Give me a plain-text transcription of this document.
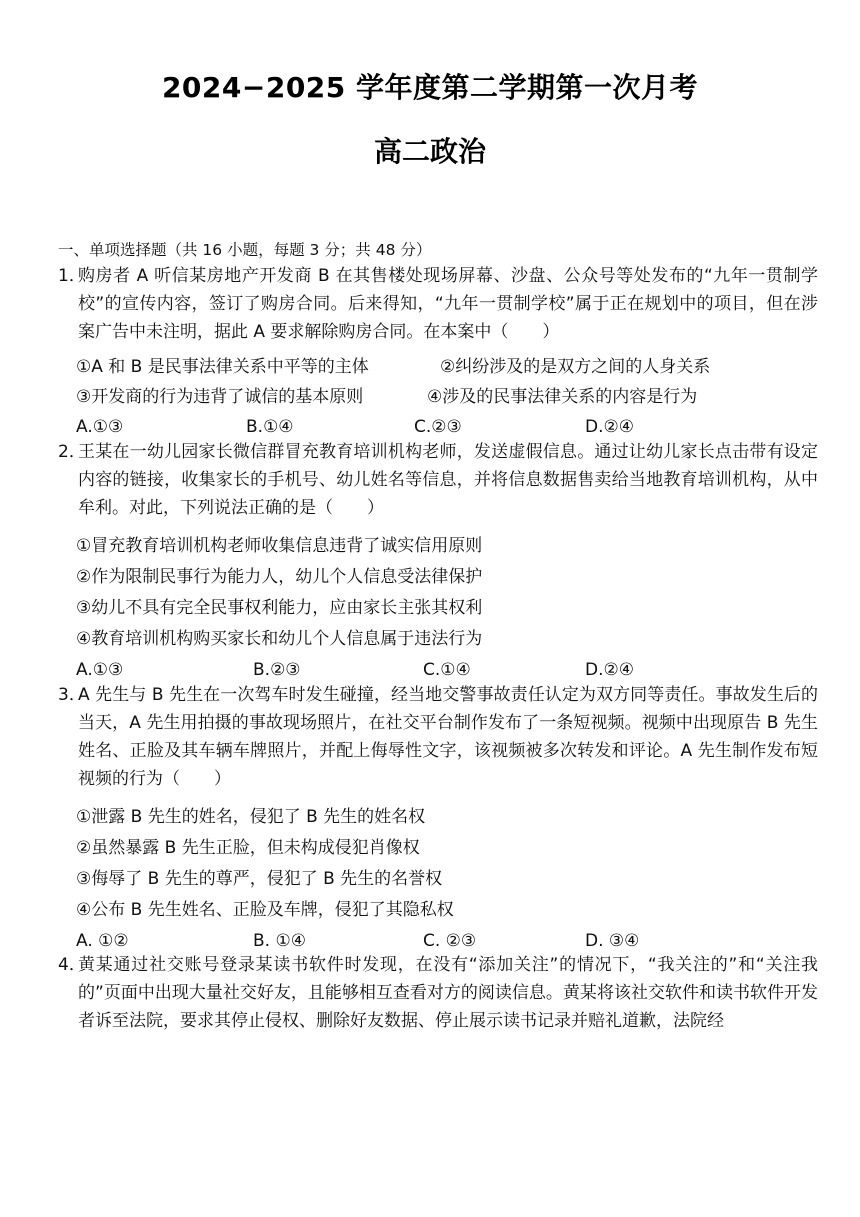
2024−2025 学年度第二学期第一次月考
高二政治
一、单项选择题（共 16 小题，每题 3 分；共 48 分）
1．
购房者 A 听信某房地产开发商 B 在其售楼处现场屏幕、沙盘、公众号等处发布的“九年一贯制学校”的宣传内容，签订了购房合同。后来得知，“九年一贯制学校”属于正在规划中的项目，但在涉案广告中未注明，据此 A 要求解除购房合同。在本案中（　　）
①A 和 B 是民事法律关系中平等的主体	②纠纷涉及的是双方之间的人身关系
③开发商的行为违背了诚信的基本原则	④涉及的民事法律关系的内容是行为
A.①③	B.①④	C.②③	D.②④
2．
王某在一幼儿园家长微信群冒充教育培训机构老师，发送虚假信息。通过让幼儿家长点击带有设定内容的链接，收集家长的手机号、幼儿姓名等信息，并将信息数据售卖给当地教育培训机构，从中牟利。对此，下列说法正确的是（　　）
①冒充教育培训机构老师收集信息违背了诚实信用原则
②作为限制民事行为能力人，幼儿个人信息受法律保护
③幼儿不具有完全民事权利能力，应由家长主张其权利
④教育培训机构购买家长和幼儿个人信息属于违法行为
A.①③	B.②③	C.①④	D.②④
3．
A 先生与 B 先生在一次驾车时发生碰撞，经当地交警事故责任认定为双方同等责任。事故发生后的当天，A 先生用拍摄的事故现场照片，在社交平台制作发布了一条短视频。视频中出现原告 B 先生姓名、正脸及其车辆车牌照片，并配上侮辱性文字，该视频被多次转发和评论。A 先生制作发布短视频的行为（　　）
①泄露 B 先生的姓名，侵犯了 B 先生的姓名权
②虽然暴露 B 先生正脸，但未构成侵犯肖像权
③侮辱了 B 先生的尊严，侵犯了 B 先生的名誉权
④公布 B 先生姓名、正脸及车牌，侵犯了其隐私权
A. ①②	B. ①④	C. ②③	D. ③④
4．
黄某通过社交账号登录某读书软件时发现，在没有“添加关注”的情况下，“我关注的”和“关注我的”页面中出现大量社交好友，且能够相互查看对方的阅读信息。黄某将该社交软件和读书软件开发者诉至法院，要求其停止侵权、删除好友数据、停止展示读书记录并赔礼道歉，法院经
